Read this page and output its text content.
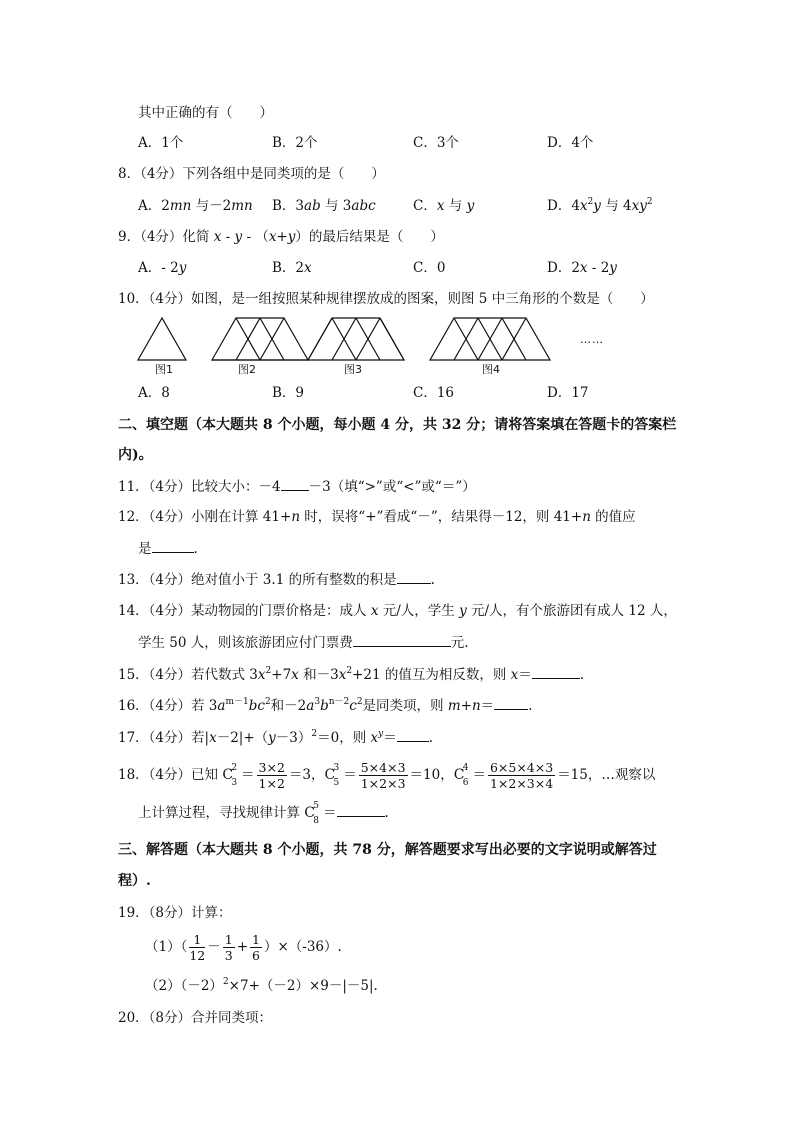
其中正确的有（　　）
A．1个	B．2个	C．3个	D．4个
8．（4分）下列各组中是同类项的是（　　）
A．2mn 与－2mn B．3ab 与 3abc	C．x 与 y	D．$4x^2y$ 与 $4xy^2$
9．（4分）化简 x - y - （x+y）的最后结果是（　　）
A．- 2y	B．2x	C．0	D．2x - 2y
10．（4分）如图，是一组按照某种规律摆放成的图案，则图 5 中三角形的个数是（　　）
图1	图2	图3	图4
……
A．8	B．9	C．16	D．17
二、填空题（本大题共 8 个小题，每小题 4 分，共 32 分；请将答案填在答题卡的答案栏
内)。
11．（4分）比较大小：－4 －3（填“>”或“<”或“＝”）
12．（4分）小刚在计算 41+n 时，误将“+”看成“－”，结果得－12，则 41+n 的值应
是	.
13．（4分）绝对值小于 3.1 的所有整数的积是	.
14．（4分）某动物园的门票价格是：成人 x 元/人，学生 y 元/人，有个旅游团有成人 12 人，
学生 50 人，则该旅游团应付门票费	元.
15．（4分）若代数式 $3x^2+7x$ 和$-3x^2+21$ 的值互为相反数，则 x＝	.
16．（4分）若 $3a^{m-1}bc^2$和$-2a^3b^{n-2}c^2$是同类项，则 m+n＝	.
17．（4分）若$|x-2|+(y-3)^2=0$，则 $x^y=$ .
18．（4分）已知 C
2
$3 = \frac{3\times 2}{1\times 2} =3$，C
3
$5 = \frac{5\times 4\times 3}{1\times 2\times 3} =10$，C
4
$6 = \frac{6\times 5\times 4\times 3}{1\times 2\times 3\times 4} =15$，…观察以
上计算过程，寻找规律计算 C
5
8 ＝	.
三、解答题（本大题共 8 个小题，共 78 分，解答题要求写出必要的文字说明或解答过
程）.
19．（8分）计算：
$(1)( \frac{1}{12} - \frac{1}{3} + \frac{1}{6} )\times(-36)$.
$(2)(-2)^2\times 7+(-2)\times 9-|-5|$.
20．（8分）合并同类项：
